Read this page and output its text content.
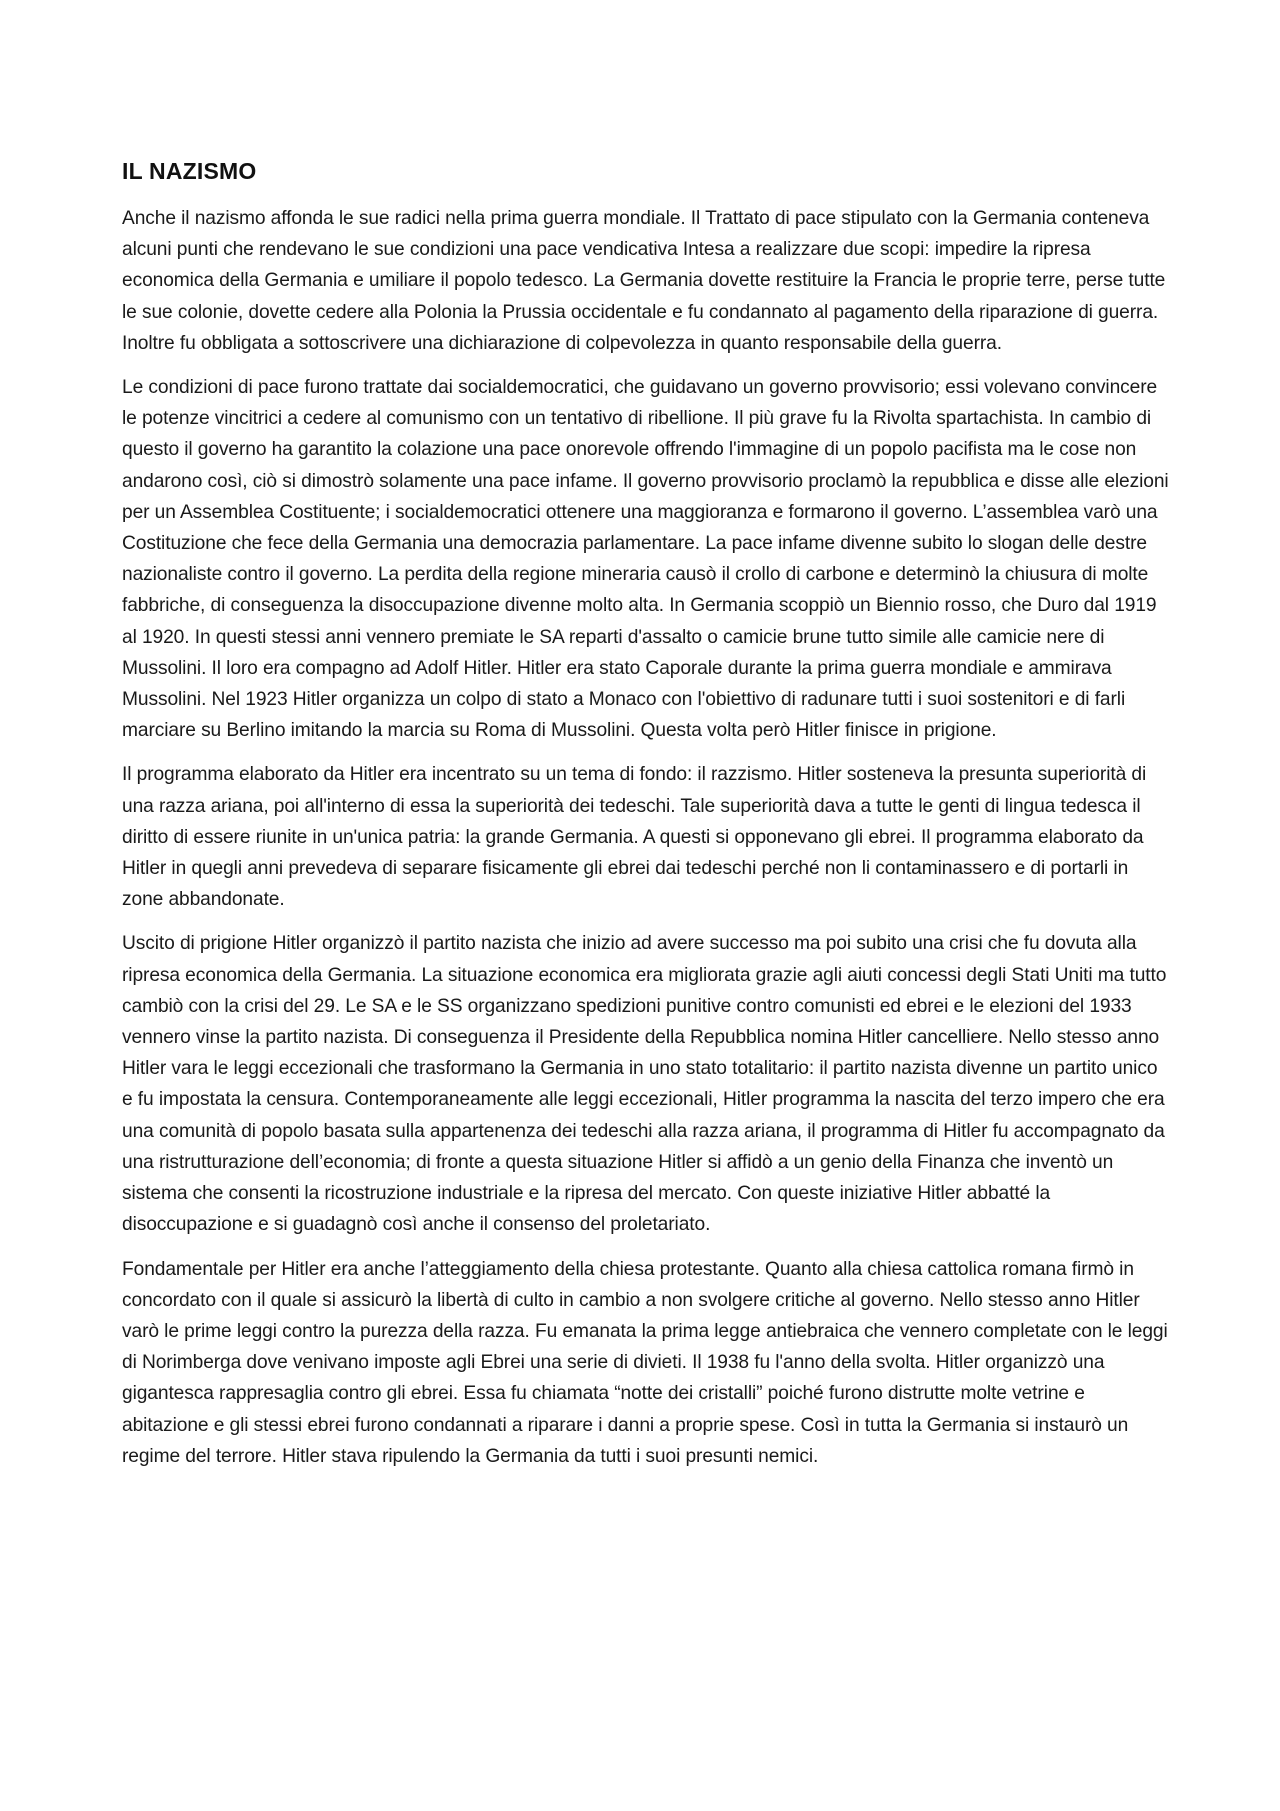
IL NAZISMO

Anche il nazismo affonda le sue radici nella prima guerra mondiale. Il Trattato di pace stipulato con la Germania conteneva alcuni punti che rendevano le sue condizioni una pace vendicativa Intesa a realizzare due scopi: impedire la ripresa economica della Germania e umiliare il popolo tedesco. La Germania dovette restituire la Francia le proprie terre, perse tutte le sue colonie, dovette cedere alla Polonia la Prussia occidentale e fu condannato al pagamento della riparazione di guerra. Inoltre fu obbligata a sottoscrivere una dichiarazione di colpevolezza in quanto responsabile della guerra.

Le condizioni di pace furono trattate dai socialdemocratici, che guidavano un governo provvisorio; essi volevano convincere le potenze vincitrici a cedere al comunismo con un tentativo di ribellione. Il più grave fu la Rivolta spartachista. In cambio di questo il governo ha garantito la colazione una pace onorevole offrendo l'immagine di un popolo pacifista ma le cose non andarono così, ciò si dimostrò solamente una pace infame. Il governo provvisorio proclamò la repubblica e disse alle elezioni per un Assemblea Costituente; i socialdemocratici ottenere una maggioranza e formarono il governo. L’assemblea varò una Costituzione che fece della Germania una democrazia parlamentare. La pace infame divenne subito lo slogan delle destre nazionaliste contro il governo. La perdita della regione mineraria causò il crollo di carbone e determinò la chiusura di molte fabbriche, di conseguenza la disoccupazione divenne molto alta. In Germania scoppiò un Biennio rosso, che Duro dal 1919 al 1920. In questi stessi anni vennero premiate le SA reparti d'assalto o camicie brune tutto simile alle camicie nere di Mussolini. Il loro era compagno ad Adolf Hitler. Hitler era stato Caporale durante la prima guerra mondiale e ammirava Mussolini. Nel 1923 Hitler organizza un colpo di stato a Monaco con l'obiettivo di radunare tutti i suoi sostenitori e di farli marciare su Berlino imitando la marcia su Roma di Mussolini. Questa volta però Hitler finisce in prigione.

Il programma elaborato da Hitler era incentrato su un tema di fondo: il razzismo. Hitler sosteneva la presunta superiorità di una razza ariana, poi all'interno di essa la superiorità dei tedeschi. Tale superiorità dava a tutte le genti di lingua tedesca il diritto di essere riunite in un'unica patria: la grande Germania. A questi si opponevano gli ebrei. Il programma elaborato da Hitler in quegli anni prevedeva di separare fisicamente gli ebrei dai tedeschi perché non li contaminassero e di portarli in zone abbandonate.

Uscito di prigione Hitler organizzò il partito nazista che inizio ad avere successo ma poi subito una crisi che fu dovuta alla ripresa economica della Germania. La situazione economica era migliorata grazie agli aiuti concessi degli Stati Uniti ma tutto cambiò con la crisi del 29. Le SA e le SS organizzano spedizioni punitive contro comunisti ed ebrei e le elezioni del 1933 vennero vinse la partito nazista. Di conseguenza il Presidente della Repubblica nomina Hitler cancelliere. Nello stesso anno Hitler vara le leggi eccezionali che trasformano la Germania in uno stato totalitario: il partito nazista divenne un partito unico e fu impostata la censura. Contemporaneamente alle leggi eccezionali, Hitler programma la nascita del terzo impero che era una comunità di popolo basata sulla appartenenza dei tedeschi alla razza ariana, il programma di Hitler fu accompagnato da una ristrutturazione dell’economia; di fronte a questa situazione Hitler si affidò a un genio della Finanza che inventò un sistema che consenti la ricostruzione industriale e la ripresa del mercato. Con queste iniziative Hitler abbatté la disoccupazione e si guadagnò così anche il consenso del proletariato.

Fondamentale per Hitler era anche l’atteggiamento della chiesa protestante. Quanto alla chiesa cattolica romana firmò in concordato con il quale si assicurò la libertà di culto in cambio a non svolgere critiche al governo. Nello stesso anno Hitler varò le prime leggi contro la purezza della razza. Fu emanata la prima legge antiebraica che vennero completate con le leggi di Norimberga dove venivano imposte agli Ebrei una serie di divieti. Il 1938 fu l'anno della svolta. Hitler organizzò una gigantesca rappresaglia contro gli ebrei. Essa fu chiamata “notte dei cristalli” poiché furono distrutte molte vetrine e abitazione e gli stessi ebrei furono condannati a riparare i danni a proprie spese. Così in tutta la Germania si instaurò un regime del terrore. Hitler stava ripulendo la Germania da tutti i suoi presunti nemici.
